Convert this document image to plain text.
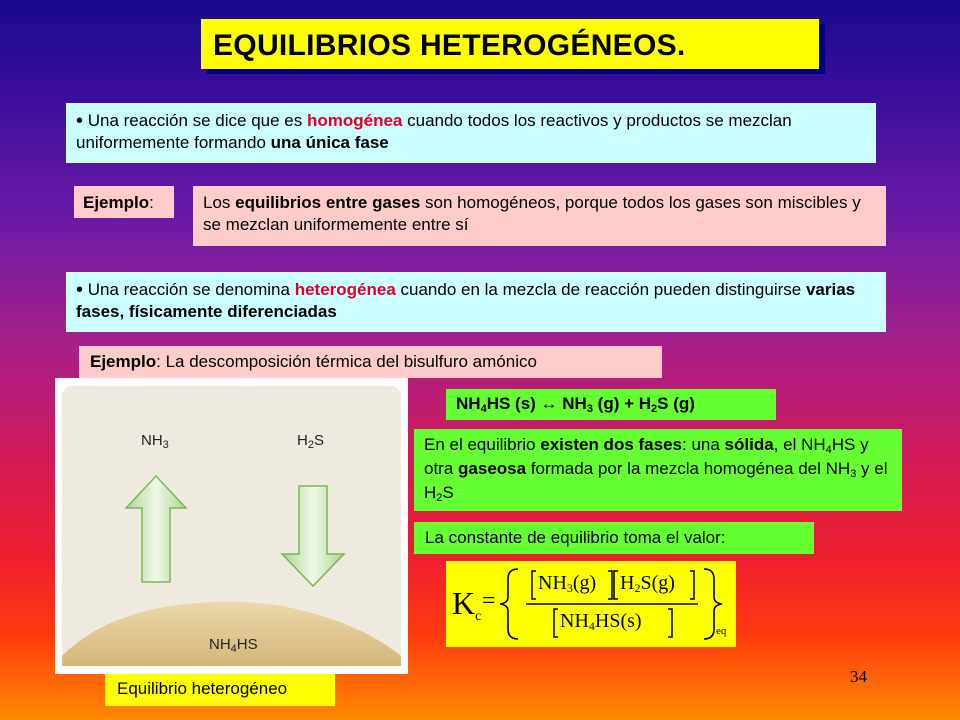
EQUILIBRIOS HETEROGÉNEOS.
• Una reacción se dice que es homogénea cuando todos los reactivos y productos se mezclan uniformemente formando una única fase
Ejemplo:	Los equilibrios entre gases son homogéneos, porque todos los gases son miscibles y se mezclan uniformemente entre sí
• Una reacción se denomina heterogénea cuando en la mezcla de reacción pueden distinguirse varias fases, físicamente diferenciadas
Ejemplo: La descomposición térmica del bisulfuro amónico
$NH_3$	$H_2S$
$NH_4HS$
Equilibrio heterogéneo
$NH_4HS$ (s) ↔ $NH_3$ $(g) + H_2S$ (g)
En el equilibrio existen dos fases: una sólida, el $NH_4HS$ y otra gaseosa formada por la mezcla homogénea del $NH_3$ y el $H_2S$
La constante de equilibrio toma el valor:
$K_c$
=
$NH_3(g)$ $H_2S(g)$
$NH_4HS(s)$	eq
34
